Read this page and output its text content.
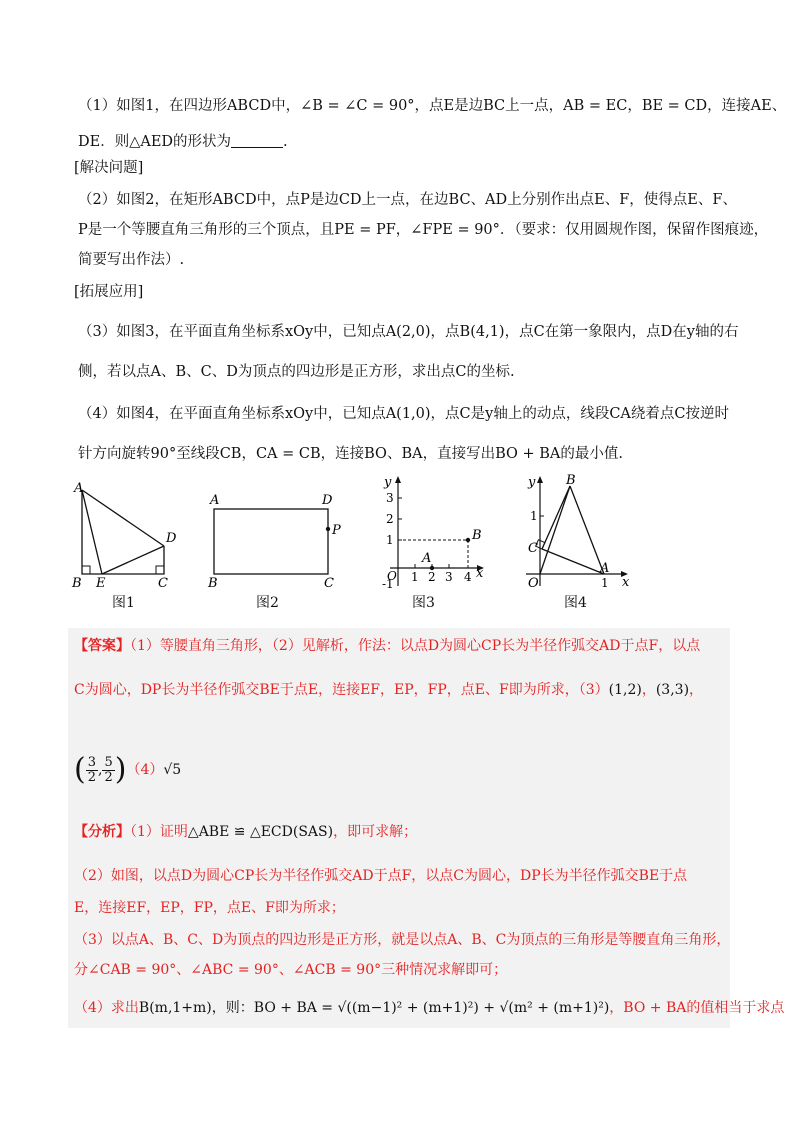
（1）如图1，在四边形ABCD中，∠B = ∠C = 90°，点E是边BC上一点，AB = EC，BE = CD，连接AE、
DE．则△AED的形状为	.
[解决问题]
（2）如图2，在矩形ABCD中，点P是边CD上一点，在边BC、AD上分别作出点E、F，使得点E、F、
P是一个等腰直角三角形的三个顶点，且PE = PF，∠FPE = 90°．（要求：仅用圆规作图，保留作图痕迹，
简要写出作法）.
[拓展应用]
（3）如图3，在平面直角坐标系xOy中，已知点A(2,0)，点B(4,1)，点C在第一象限内，点D在y轴的右
侧，若以点A、B、C、D为顶点的四边形是正方形，求出点C的坐标.
（4）如图4，在平面直角坐标系xOy中，已知点A(1,0)，点C是y轴上的动点，线段CA绕着点C按逆时
针方向旋转90°至线段CB，CA = CB，连接BO、BA，直接写出BO + BA的最小值.
A
B E	C
D
图1
A	D
P
B	C
图2
y
3
2
1	B
A
O 1 2 3 4 x
-1
图3
y B
1
C
O
A
1 x
图4
【答案】（1）等腰直角三角形，（2）见解析，作法：以点D为圆心CP长为半径作弧交AD于点F，以点
C为圆心，DP长为半径作弧交BE于点E，连接EF，EP，FP，点E、F即为所求，（3）(1,2)，(3,3)，
( $\frac{3}{2}$ , $\frac{5}{2} )(4)√5$
【分析】（1）证明△ABE ≌ △ECD(SAS)，即可求解；
（2）如图，以点D为圆心CP长为半径作弧交AD于点F，以点C为圆心，DP长为半径作弧交BE于点
E，连接EF，EP，FP，点E、F即为所求；
（3）以点A、B、C、D为顶点的四边形是正方形，就是以点A、B、C为顶点的三角形是等腰直角三角形，
分∠CAB = 90°、∠ABC = 90°、∠ACB = 90°三种情况求解即可；
（4）求出B(m,1+m)，则：BO + BA = √((m−1)² + (m+1)²) + √(m² + (m+1)²)，BO + BA的值相当于求点
